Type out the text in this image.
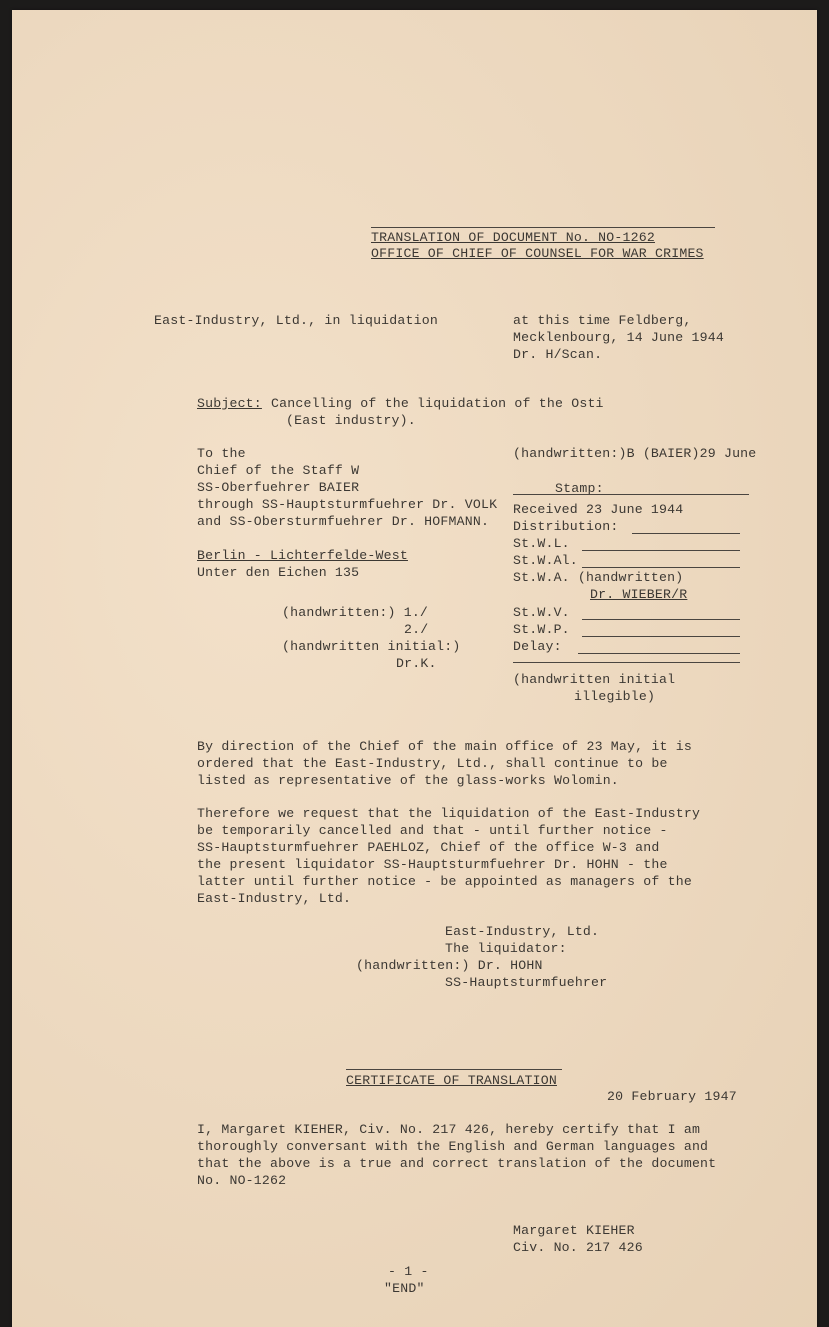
TRANSLATION OF DOCUMENT No. NO-1262
OFFICE OF CHIEF OF COUNSEL FOR WAR CRIMES
East-Industry, Ltd., in liquidation	at this time Feldberg,
Mecklenbourg, 14 June 1944
Dr. H/Scan.
Subject: Cancelling of the liquidation of the Osti
(East industry).
To the
Chief of the Staff W
SS-Oberfuehrer BAIER
through SS-Hauptsturmfuehrer Dr. VOLK
and SS-Obersturmfuehrer Dr. HOFMANN.
Berlin - Lichterfelde-West
Unter den Eichen 135
(handwritten:) 1./
2./
(handwritten initial:)
Dr.K.
(handwritten:)B (BAIER)29 June
Stamp:
Received 23 June 1944
Distribution:
St.W.L.
St.W.Al.
St.W.A. (handwritten)
Dr. WIEBER/R
St.W.V.
St.W.P.
Delay:
(handwritten initial
illegible)
By direction of the Chief of the main office of 23 May, it is
ordered that the East-Industry, Ltd., shall continue to be
listed as representative of the glass-works Wolomin.
Therefore we request that the liquidation of the East-Industry
be temporarily cancelled and that - until further notice -
SS-Hauptsturmfuehrer PAEHLOZ, Chief of the office W-3 and
the present liquidator SS-Hauptsturmfuehrer Dr. HOHN - the
latter until further notice - be appointed as managers of the
East-Industry, Ltd.
East-Industry, Ltd.
The liquidator:
(handwritten:) Dr. HOHN
SS-Hauptsturmfuehrer
CERTIFICATE OF TRANSLATION
20 February 1947
I, Margaret KIEHER, Civ. No. 217 426, hereby certify that I am
thoroughly conversant with the English and German languages and
that the above is a true and correct translation of the document
No. NO-1262
Margaret KIEHER
Civ. No. 217 426
- 1 -
"END"
